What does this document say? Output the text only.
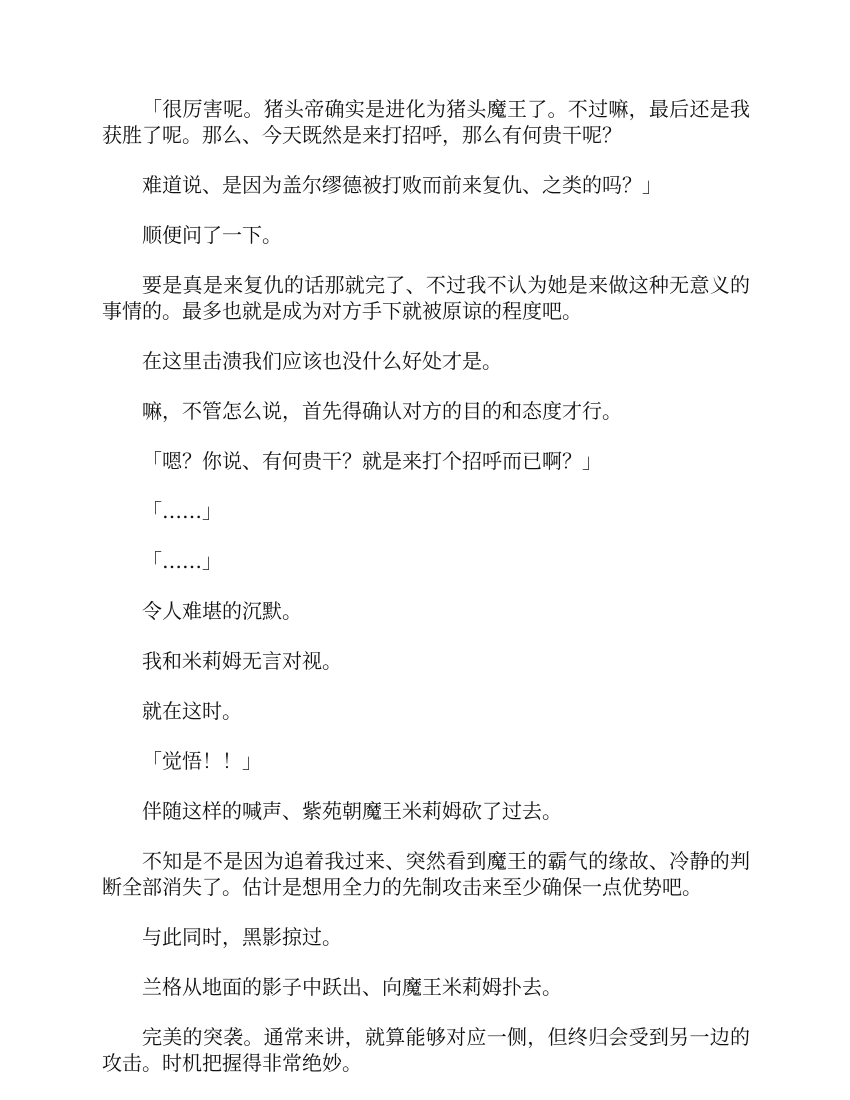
「很厉害呢。猪头帝确实是进化为猪头魔王了。不过嘛，最后还是我获胜了呢。那么、今天既然是来打招呼，那么有何贵干呢？

难道说、是因为盖尔缪德被打败而前来复仇、之类的吗？」

顺便问了一下。

要是真是来复仇的话那就完了、不过我不认为她是来做这种无意义的事情的。最多也就是成为对方手下就被原谅的程度吧。

在这里击溃我们应该也没什么好处才是。

嘛，不管怎么说，首先得确认对方的目的和态度才行。

「嗯？你说、有何贵干？就是来打个招呼而已啊？」

「……」

「……」

令人难堪的沉默。

我和米莉姆无言对视。

就在这时。

「觉悟！！」

伴随这样的喊声、紫苑朝魔王米莉姆砍了过去。

不知是不是因为追着我过来、突然看到魔王的霸气的缘故、冷静的判断全部消失了。估计是想用全力的先制攻击来至少确保一点优势吧。

与此同时，黑影掠过。

兰格从地面的影子中跃出、向魔王米莉姆扑去。

完美的突袭。通常来讲，就算能够对应一侧，但终归会受到另一边的攻击。时机把握得非常绝妙。
